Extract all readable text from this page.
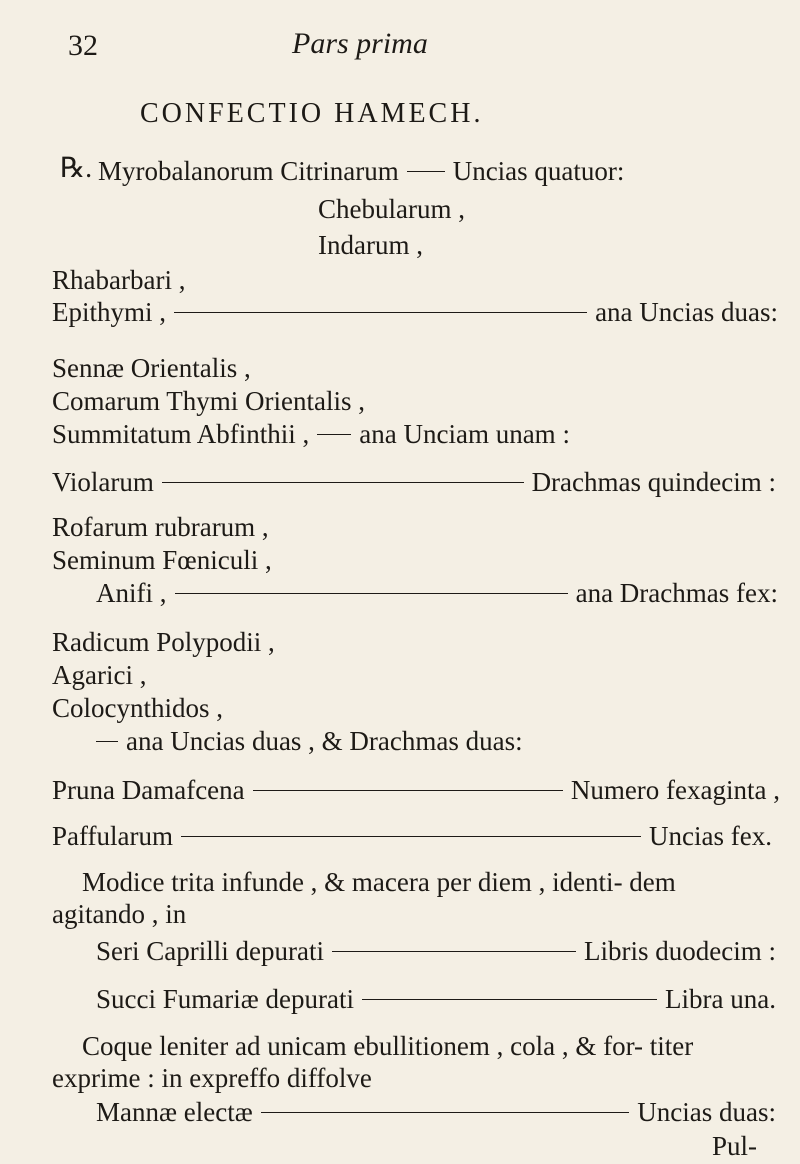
32	Pars prima
CONFECTIO HAMECH.
℞. Myrobalanorum Citrinarum Uncias quatuor:
Chebularum ,
Indarum ,
Rhabarbari ,
Epithymi ,	ana Uncias duas:
Sennæ Orientalis ,
Comarum Thymi Orientalis ,
Summitatum Abfinthii , ana Unciam unam :
Violarum	Drachmas quindecim :
Rofarum rubrarum ,
Seminum Fœniculi ,
Anifi ,	ana Drachmas fex:
Radicum Polypodii ,
Agarici ,
Colocynthidos ,
ana Uncias duas , & Drachmas duas:
Pruna Damafcena	Numero fexaginta ,
Paffularum	Uncias fex.
Modice trita infunde , & macera per diem , identi- dem agitando , in
Seri Caprilli depurati	Libris duodecim :
Succi Fumariæ depurati	Libra una.
Coque leniter ad unicam ebullitionem , cola , & for- titer exprime : in expreffo diffolve
Mannæ electæ	Uncias duas:
Pul-
